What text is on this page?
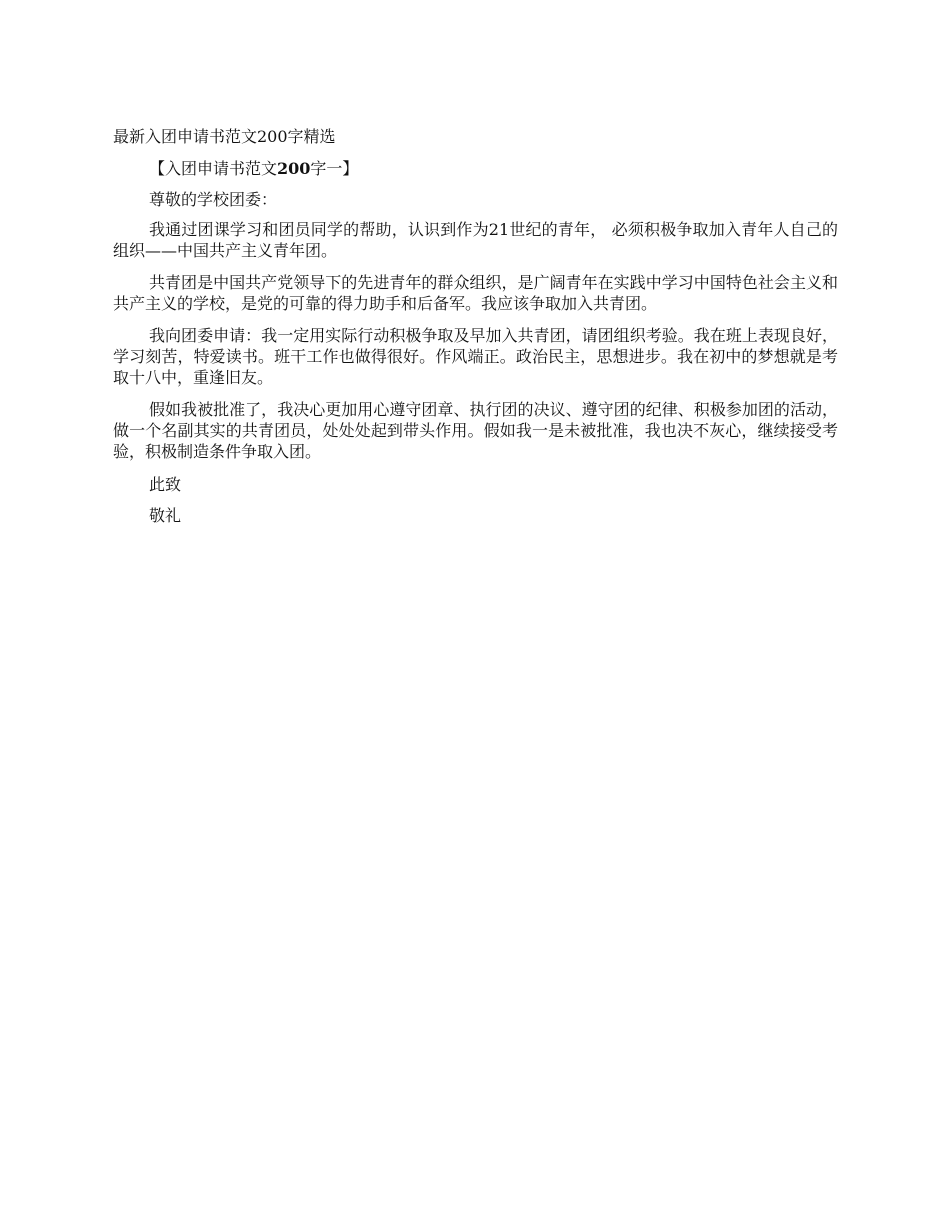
最新入团申请书范文200字精选
【入团申请书范文200字一】
尊敬的学校团委：
我通过团课学习和团员同学的帮助，认识到作为21世纪的青年， 必须积极争取加入青年人自己的组织——中国共产主义青年团。
共青团是中国共产党领导下的先进青年的群众组织，是广阔青年在实践中学习中国特色社会主义和共产主义的学校，是党的可靠的得力助手和后备军。我应该争取加入共青团。
我向团委申请：我一定用实际行动积极争取及早加入共青团，请团组织考验。我在班上表现良好，学习刻苦，特爱读书。班干工作也做得很好。作风端正。政治民主，思想进步。我在初中的梦想就是考取十八中，重逢旧友。
假如我被批准了，我决心更加用心遵守团章、执行团的决议、遵守团的纪律、积极参加团的活动，做一个名副其实的共青团员，处处处起到带头作用。假如我一是未被批准，我也决不灰心，继续接受考验，积极制造条件争取入团。
此致
敬礼
